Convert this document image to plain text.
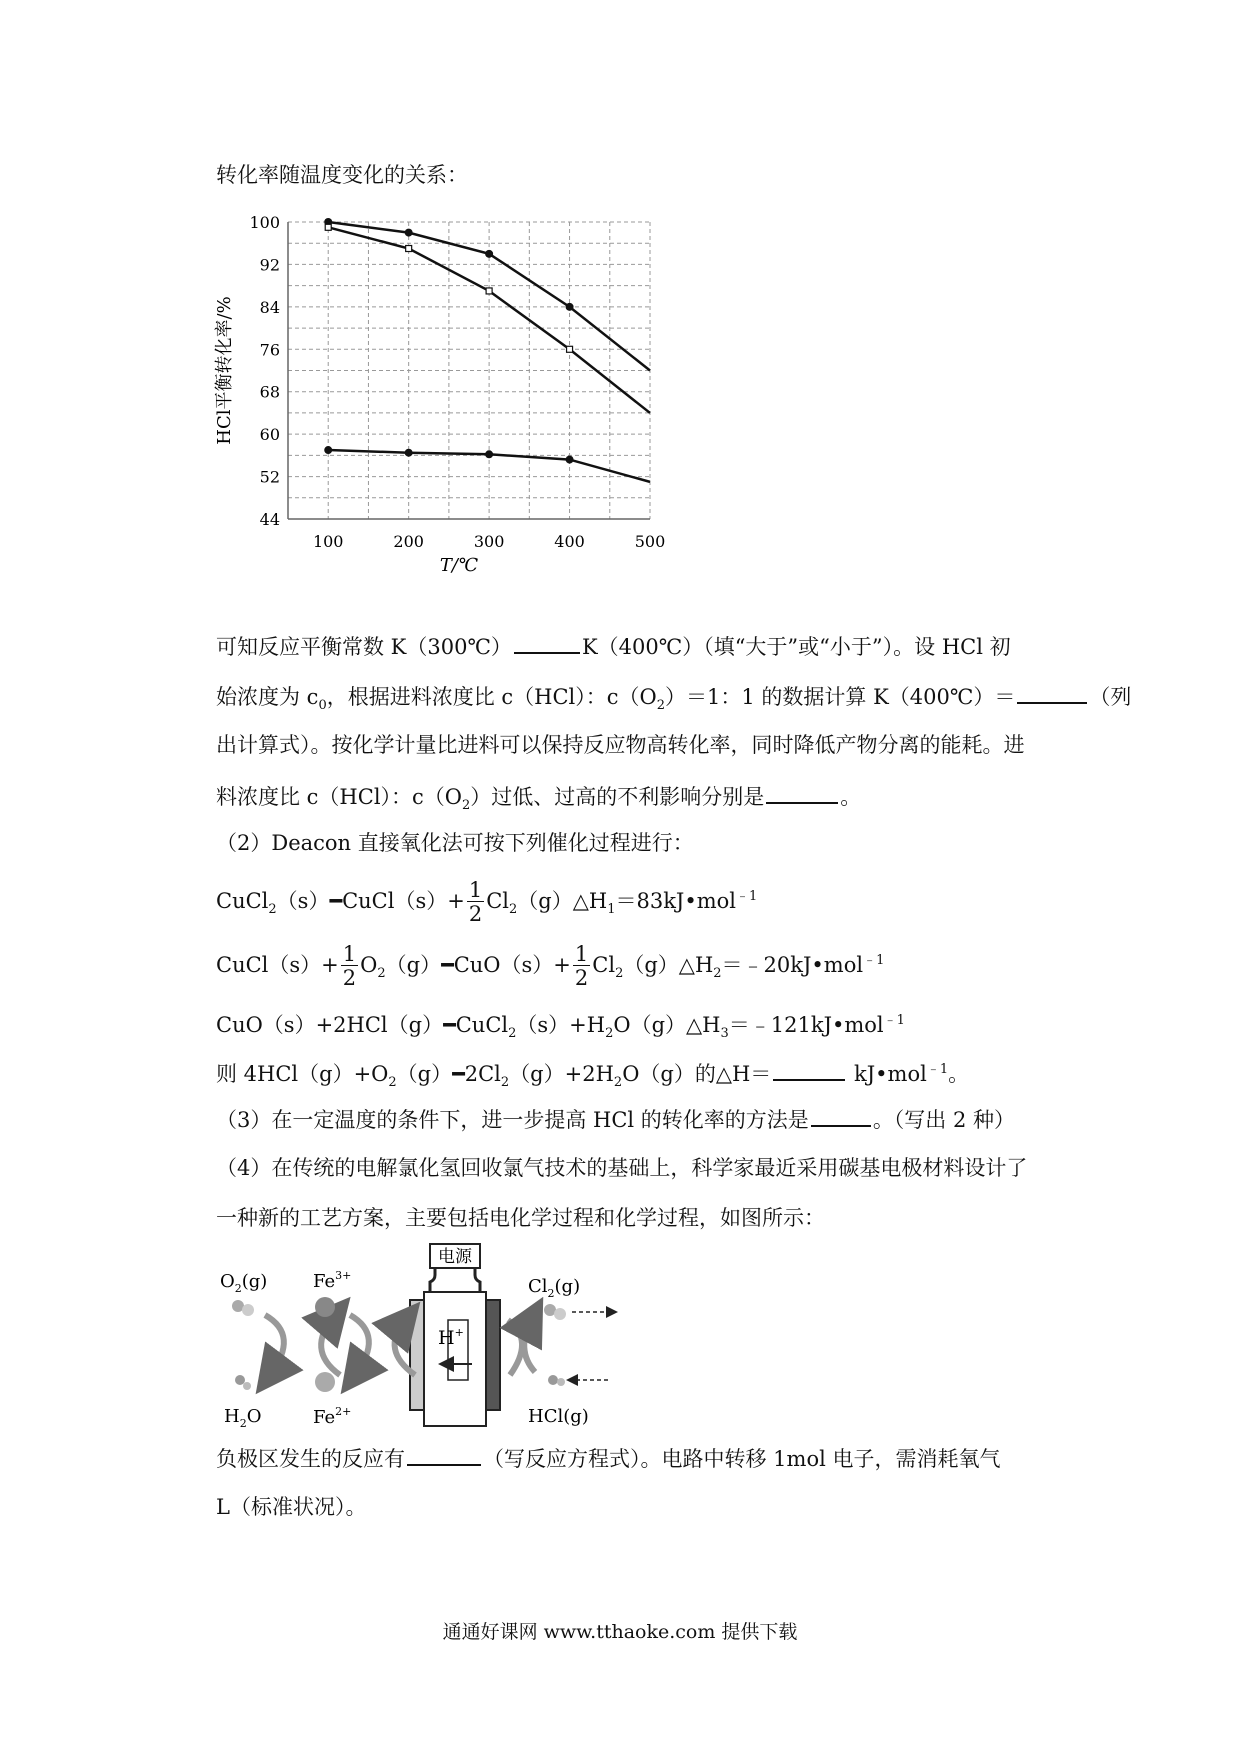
转化率随温度变化的关系：
100
92
84
76
68
60
52
44
100	200	300	400	500
T/℃
HCl平衡转化率/%
可知反应平衡常数 K（300℃）	K（400℃）（填“大于”或“小于”）。设 HCl 初
始浓度为 $c_0$，根据进料浓度比 c（HCl）：$c(O_2)=1$：1 的数据计算 K（400℃）＝	（列
出计算式）。按化学计量比进料可以保持反应物高转化率，同时降低产物分离的能耗。进
料浓度比 c（HCl）：$c(O_2)$过低、过高的不利影响分别是	。
（2）Deacon 直接氧化法可按下列催化过程进行：
CuCl$_2$（s）━CuCl（s）+ $\frac{1}{2}$ $Cl_2(g)\triangle H_1=83kJ•mol^{﹣1}$
CuCl（s）+ $\frac{1}{2}$ $O_2(g)━CuO(s)+ \frac{1}{2}$ $Cl_2(g)\triangle H_2=﹣20kJ•mol^{﹣1}$
$CuO(s)+2HCl(g)━CuCl_2(s)+H_2O(g)\triangle H_3=﹣121kJ•mol^{﹣1}$
则 $4HCl(g)+O_2(g)━2Cl_2(g)+2H_2O(g)$的△H＝	kJ•mol$^{﹣1}$。
（3）在一定温度的条件下，进一步提高 HCl 的转化率的方法是	。（写出 2 种）
（4）在传统的电解氯化氢回收氯气技术的基础上，科学家最近采用碳基电极材料设计了
一种新的工艺方案，主要包括电化学过程和化学过程，如图所示：
电源
H+
$O_2(g)$	$Fe^{3+}$
$H_2O$	$Fe^{2+}$
$Cl_2(g)$
HCl(g)
负极区发生的反应有	（写反应方程式）。电路中转移 1mol 电子，需消耗氧气
L（标准状况）。
通通好课网 www.tthaoke.com 提供下载
